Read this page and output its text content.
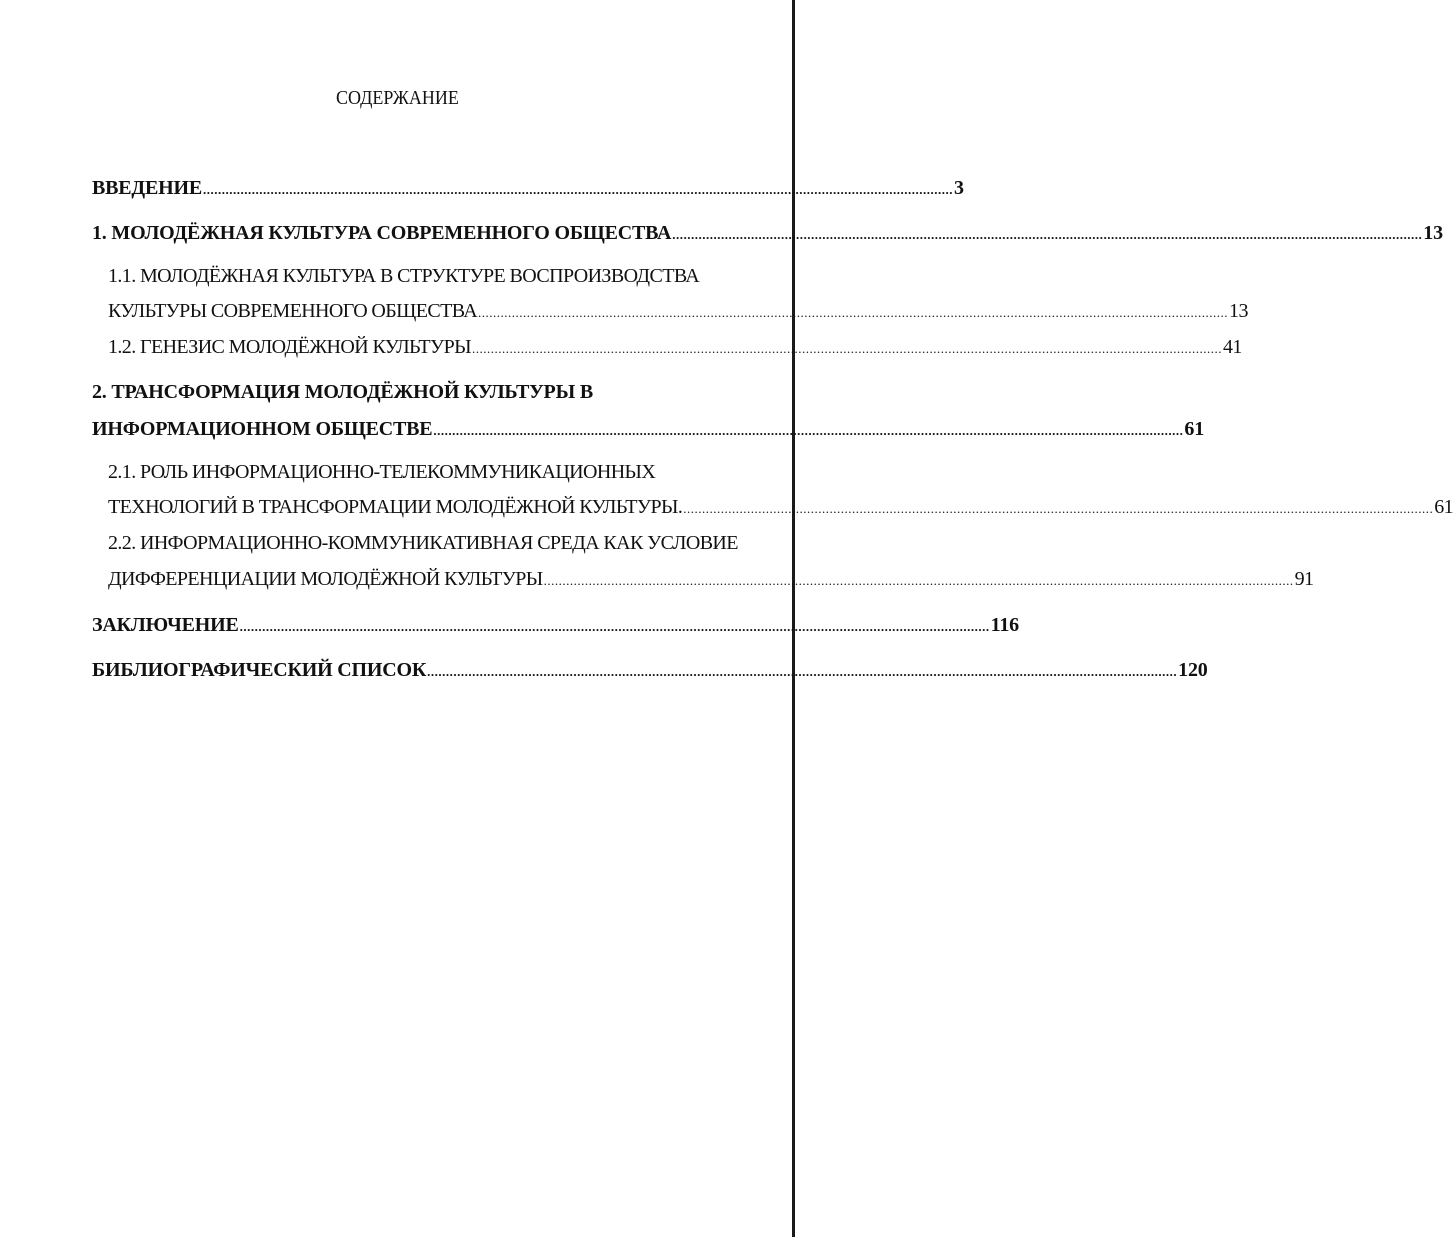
СОДЕРЖАНИЕ
ВВЕДЕНИЕ ........................................................................................................................................................................................................ 3
1. МОЛОДЁЖНАЯ КУЛЬТУРА СОВРЕМЕННОГО ОБЩЕСТВА ........................................................................................................................................................................................................ 13
1.1. МОЛОДЁЖНАЯ КУЛЬТУРА В СТРУКТУРЕ ВОСПРОИЗВОДСТВА
КУЛЬТУРЫ СОВРЕМЕННОГО ОБЩЕСТВА ........................................................................................................................................................................................................ 13
1.2. ГЕНЕЗИС МОЛОДЁЖНОЙ КУЛЬТУРЫ ........................................................................................................................................................................................................ 41
2. ТРАНСФОРМАЦИЯ МОЛОДЁЖНОЙ КУЛЬТУРЫ В
ИНФОРМАЦИОННОМ ОБЩЕСТВЕ ........................................................................................................................................................................................................ 61
2.1. РОЛЬ ИНФОРМАЦИОННО-ТЕЛЕКОММУНИКАЦИОННЫХ
ТЕХНОЛОГИЙ В ТРАНСФОРМАЦИИ МОЛОДЁЖНОЙ КУЛЬТУРЫ. ........................................................................................................................................................................................................ 61
2.2. ИНФОРМАЦИОННО-КОММУНИКАТИВНАЯ СРЕДА КАК УСЛОВИЕ
ДИФФЕРЕНЦИАЦИИ МОЛОДЁЖНОЙ КУЛЬТУРЫ ........................................................................................................................................................................................................ 91
ЗАКЛЮЧЕНИЕ ........................................................................................................................................................................................................ 116
БИБЛИОГРАФИЧЕСКИЙ СПИСОК ........................................................................................................................................................................................................ 120
